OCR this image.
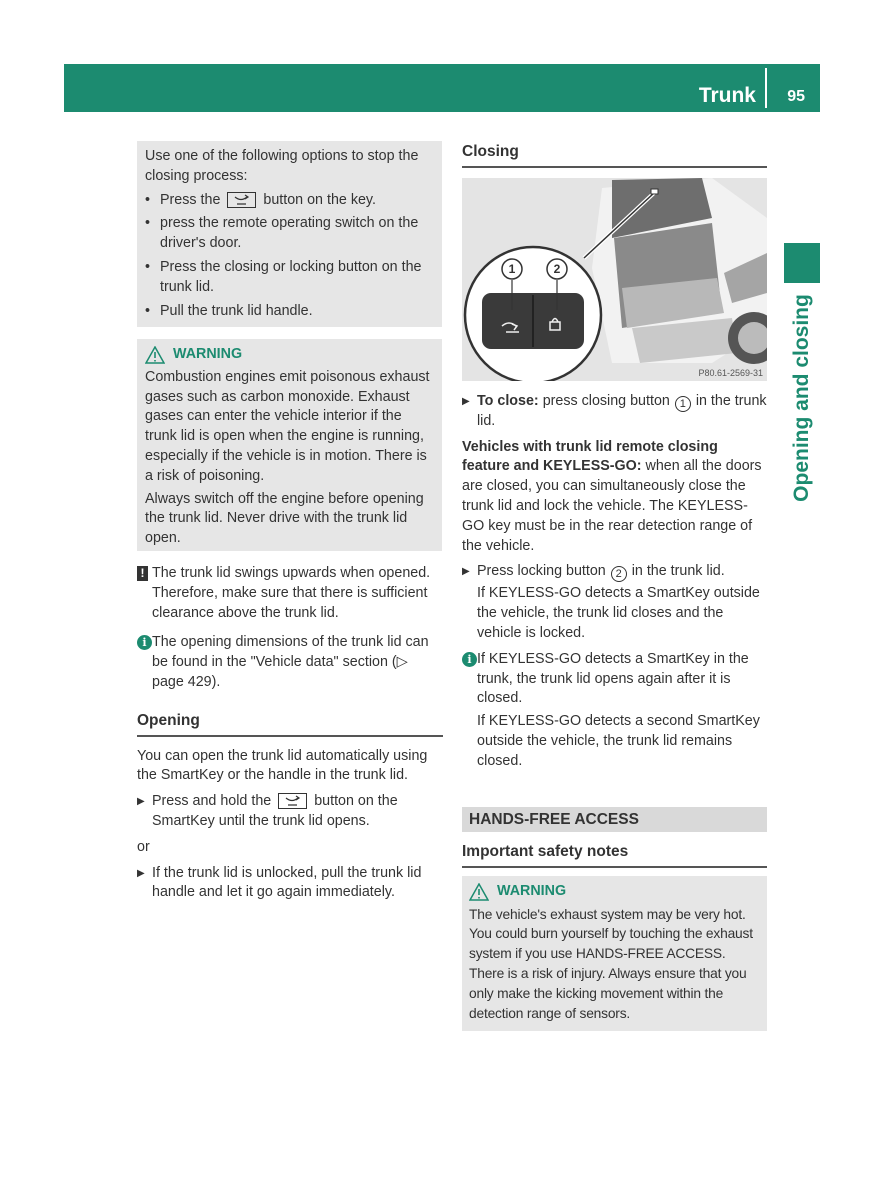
Trunk 95
Opening and closing

Use one of the following options to stop the closing process:

• Press the	button on the key.
• press the remote operating switch on the driver's door.
• Press the closing or locking button on the trunk lid.
• Pull the trunk lid handle.
WARNING

Combustion engines emit poisonous exhaust gases such as carbon monoxide. Exhaust gases can enter the vehicle interior if the trunk lid is open when the engine is running, especially if the vehicle is in motion. There is a risk of poisoning.

Always switch off the engine before opening the trunk lid. Never drive with the trunk lid open.

! The trunk lid swings upwards when opened. Therefore, make sure that there is sufficient clearance above the trunk lid.
i The opening dimensions of the trunk lid can be found in the "Vehicle data" section (▷ page 429).
Opening
You can open the trunk lid automatically using the SmartKey or the handle in the trunk lid.
▶ Press and hold the	button on the SmartKey until the trunk lid opens.
or
▶ If the trunk lid is unlocked, pull the trunk lid handle and let it go again immediately.
Closing
1	2
P80.61-2569-31
▶ To close: press closing button 1 in the trunk lid.
Vehicles with trunk lid remote closing feature and KEYLESS-GO: when all the doors are closed, you can simultaneously close the trunk lid and lock the vehicle. The KEYLESS-GO key must be in the rear detection range of the vehicle.
▶ Press locking button 2 in the trunk lid.
If KEYLESS-GO detects a SmartKey outside the vehicle, the trunk lid closes and the vehicle is locked.
i If KEYLESS-GO detects a SmartKey in the trunk, the trunk lid opens again after it is closed.
If KEYLESS-GO detects a second SmartKey outside the vehicle, the trunk lid remains closed.
HANDS-FREE ACCESS
Important safety notes
WARNING
The vehicle's exhaust system may be very hot. You could burn yourself by touching the exhaust system if you use HANDS-FREE ACCESS. There is a risk of injury. Always ensure that you only make the kicking movement within the detection range of sensors.
